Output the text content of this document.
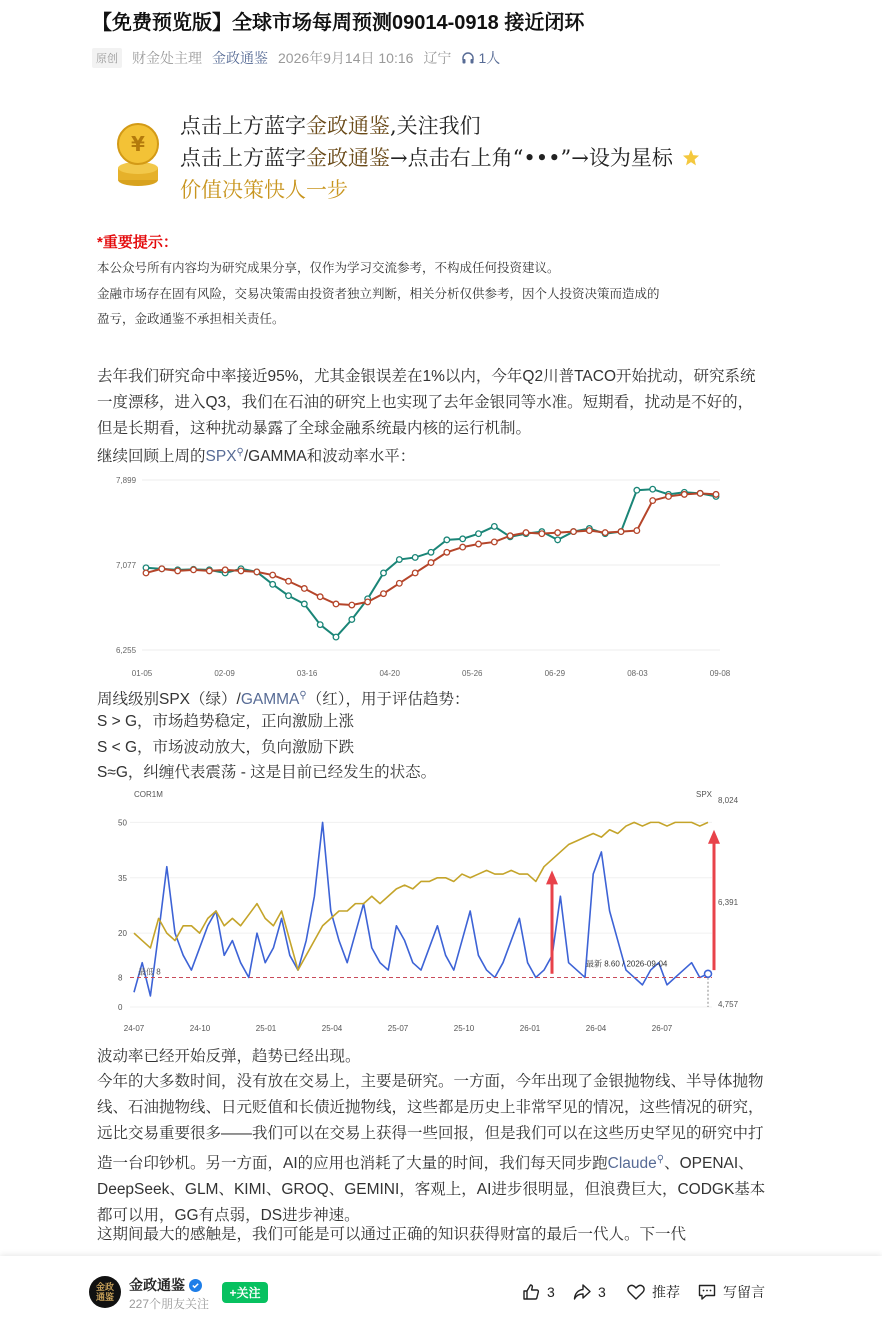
【免费预览版】全球市场每周预测09014-0918 接近闭环
原创 财金处主理 金政通鉴 2026年9月14日 10:16 辽宁 1人
¥
点击上方蓝字金政通鉴,关注我们
点击上方蓝字金政通鉴→点击右上角“•••”→设为星标
价值决策快人一步
*重要提示：
本公众号所有内容均为研究成果分享，仅作为学习交流参考，不构成任何投资建议。
金融市场存在固有风险，交易决策需由投资者独立判断，相关分析仅供参考，因个人投资决策而造成的
盈亏，金政通鉴不承担相关责任。
去年我们研究命中率接近95%，尤其金银误差在1%以内，今年Q2川普TACO开始扰动，研究系统一度漂移，进入Q3，我们在石油的研究上也实现了去年金银同等水准。短期看，扰动是不好的，但是长期看，这种扰动暴露了全球金融系统最内核的运行机制。
继续回顾上周的SPX⚲/GAMMA和波动率水平：
7,899
7,077
6,255
01-05	02-09	03-16	04-20	05-26	06-29	08-03	09-08
周线级别SPX（绿）/GAMMA⚲（红），用于评估趋势：
S > G，市场趋势稳定，正向激励上涨
S < G，市场波动放大，负向激励下跌
S≈G，纠缠代表震荡 - 这是目前已经发生的状态。
COR1M	SPX
50
35
20
8
0
8,024
6,391
4,757
24-07	24-10	25-01	25-04	25-07	25-10	26-01	26-04	26-07
最低 8
最新 8.60 / 2026-09-04
波动率已经开始反弹，趋势已经出现。
今年的大多数时间，没有放在交易上，主要是研究。一方面，今年出现了金银抛物线、半导体抛物线、石油抛物线、日元贬值和长债近抛物线，这些都是历史上非常罕见的情况，这些情况的研究，远比交易重要很多——我们可以在交易上获得一些回报，但是我们可以在这些历史罕见的研究中打造一台印钞机。另一方面，AI的应用也消耗了大量的时间，我们每天同步跑Claude⚲、OPENAI、DeepSeek、GLM、KIMI、GROQ、GEMINI，客观上，AI进步很明显，但浪费巨大，CODGK基本都可以用，GG有点弱，DS进步神速。
这期间最大的感触是，我们可能是可以通过正确的知识获得财富的最后一代人。下一代
金政
通鉴
金政通鉴
227个朋友关注
+关注	3	3	推荐	写留言
